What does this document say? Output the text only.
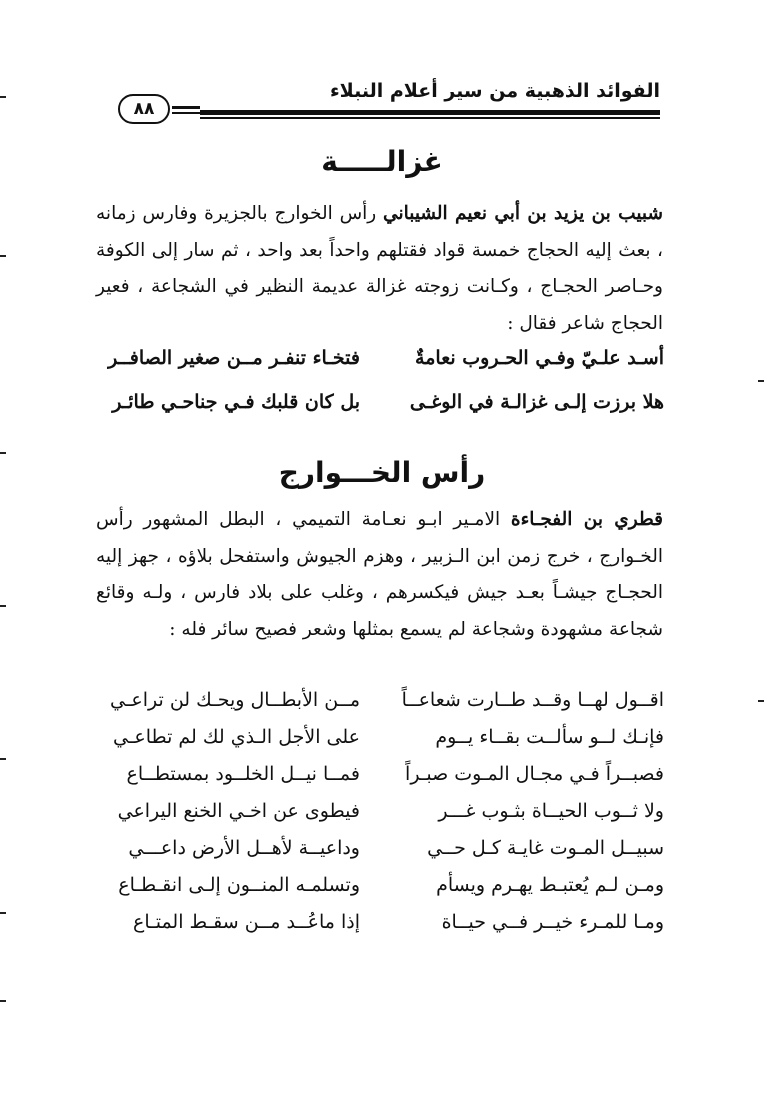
الفوائد الذهبية من سير أعلام النبلاء
٨٨
غزالـــــة
شبيب بن يزيد بن أبي نعيم الشيباني رأس الخوارج بالجزيرة وفارس زمانه ، بعث إليه الحجاج خمسة قواد فقتلهم واحداً بعد واحد ، ثم سار إلى الكوفة وحـاصر الحجـاج ، وكـانت زوجته غزالة عديمة النظير في الشجاعة ، فعير الحجاج شاعر فقال :
أسـد علـيّ وفـي الحـروب نعامةٌ
فتخـاء تنفـر مــن صغير الصافــر
هلا برزت إلـى غزالـة في الوغـى
بل كان قلبك فـي جناحـي طائـر
رأس الخـــوارج
قطري بن الفجـاءة الامـير ابـو نعـامة التميمي ، البطل المشهور رأس الخـوارج ، خرج زمن ابن الـزبير ، وهزم الجيوش واستفحل بلاؤه ، جهز إليه الحجـاج جيشـاً بعـد جيش فيكسرهم ، وغلب على بلاد فارس ، ولـه وقائع شجاعة مشهودة وشجاعة لم يسمع بمثلها وشعر فصيح سائر فله :
اقــول لهــا وقــد طــارت شعاعــاً
مــن الأبطــال ويحـك لن تراعـي
فإنـك لــو سألــت بقــاء يــوم
على الأجل الـذي لك لم تطاعـي
فصبــراً فـي مجـال المـوت صبـراً
فمــا نيــل الخلــود بمستطــاع
ولا ثــوب الحيــاة بثـوب غـــر
فيطوى عن اخـي الخنع اليراعي
سبيــل المـوت غايـة كـل حــي
وداعيــة لأهــل الأرض داعـــي
ومـن لـم يُعتبـط يهـرم ويسأم
وتسلمـه المنــون إلـى انقـطـاع
ومـا للمـرء خيــر فــي حيــاة
إذا ماعُــد مــن سقـط المتـاع
